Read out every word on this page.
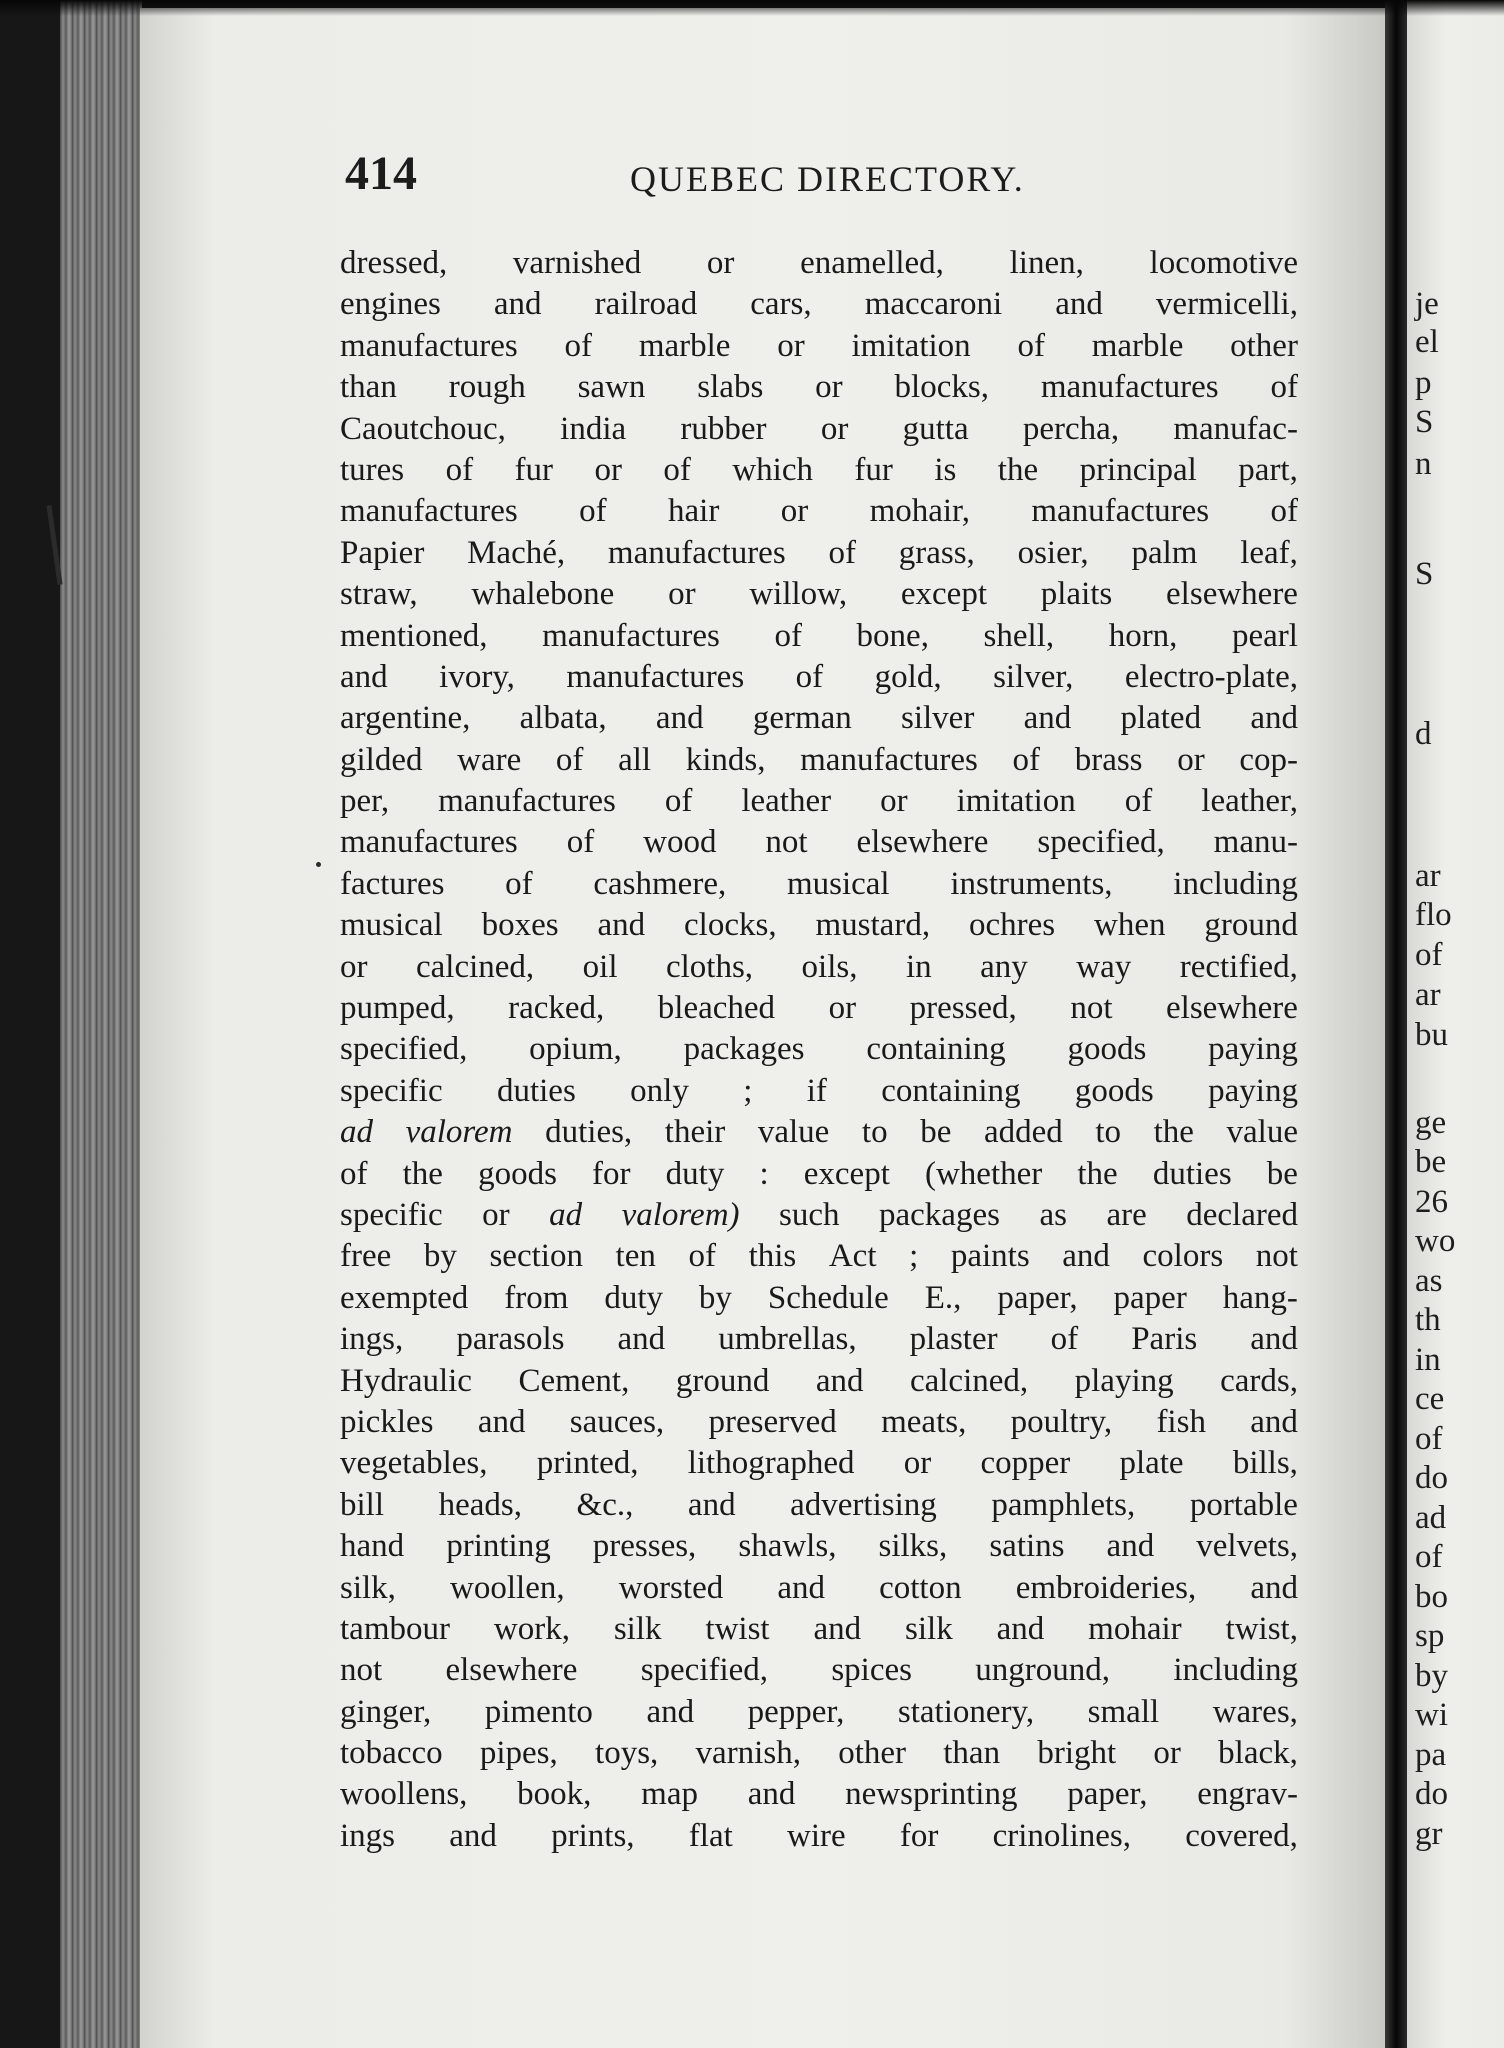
je
el
p
S
n
S
d
ar
flo
of
ar
bu
ge
be
26
wo
as
th
in
ce
of
do
ad
of
bo
sp
by
wi
pa
do
gr
414	QUEBEC DIRECTORY.
dressed, varnished or enamelled, linen, locomotive
engines and railroad cars, maccaroni and vermicelli,
manufactures of marble or imitation of marble other
than rough sawn slabs or blocks, manufactures of
Caoutchouc, india rubber or gutta percha, manufac-
tures of fur or of which fur is the principal part,
manufactures of hair or mohair, manufactures of
Papier Maché, manufactures of grass, osier, palm leaf,
straw, whalebone or willow, except plaits elsewhere
mentioned, manufactures of bone, shell, horn, pearl
and ivory, manufactures of gold, silver, electro-plate,
argentine, albata, and german silver and plated and
gilded ware of all kinds, manufactures of brass or cop-
per, manufactures of leather or imitation of leather,
manufactures of wood not elsewhere specified, manu-
factures of cashmere, musical instruments, including
musical boxes and clocks, mustard, ochres when ground
or calcined, oil cloths, oils, in any way rectified,
pumped, racked, bleached or pressed, not elsewhere
specified, opium, packages containing goods paying
specific duties only ; if containing goods paying
ad valorem duties, their value to be added to the value
of the goods for duty : except (whether the duties be
specific or ad valorem) such packages as are declared
free by section ten of this Act ; paints and colors not
exempted from duty by Schedule E., paper, paper hang-
ings, parasols and umbrellas, plaster of Paris and
Hydraulic Cement, ground and calcined, playing cards,
pickles and sauces, preserved meats, poultry, fish and
vegetables, printed, lithographed or copper plate bills,
bill heads, &c., and advertising pamphlets, portable
hand printing presses, shawls, silks, satins and velvets,
silk, woollen, worsted and cotton embroideries, and
tambour work, silk twist and silk and mohair twist,
not elsewhere specified, spices unground, including
ginger, pimento and pepper, stationery, small wares,
tobacco pipes, toys, varnish, other than bright or black,
woollens, book, map and newsprinting paper, engrav-
ings and prints, flat wire for crinolines, covered,
